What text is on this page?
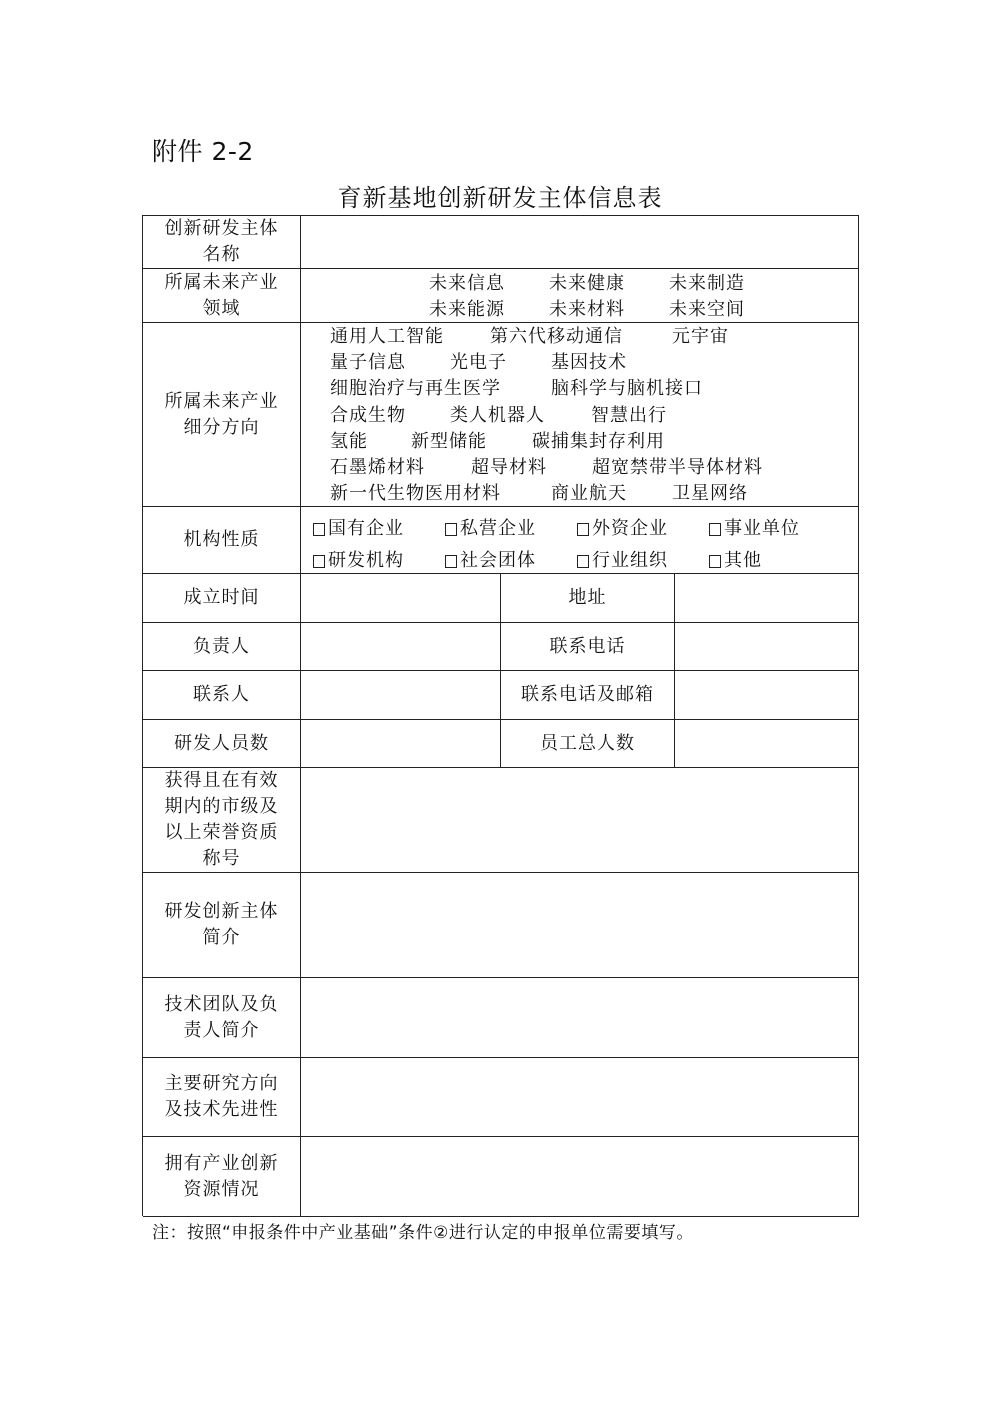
附件 2-2
育新基地创新研发主体信息表
创新研发主体名称
所属未来产业领域
未来信息	未来健康	未来制造
未来能源	未来材料	未来空间
所属未来产业细分方向
通用人工智能	第六代移动通信	元宇宙
量子信息 光电子 基因技术
细胞治疗与再生医学	脑科学与脑机接口
合成生物 类人机器人	智慧出行
氢能 新型储能	碳捕集封存利用
石墨烯材料	超导材料	超宽禁带半导体材料
新一代生物医用材料	商业航天	卫星网络
机构性质
国有企业	私营企业	外资企业	事业单位
研发机构	社会团体	行业组织	其他
成立时间	地址
负责人	联系电话
联系人	联系电话及邮箱
研发人员数	员工总人数
获得且在有效
期内的市级及
以上荣誉资质
称号
研发创新主体
简介
技术团队及负
责人简介
主要研究方向
及技术先进性
拥有产业创新
资源情况
注：按照“申报条件中产业基础”条件②进行认定的申报单位需要填写。
